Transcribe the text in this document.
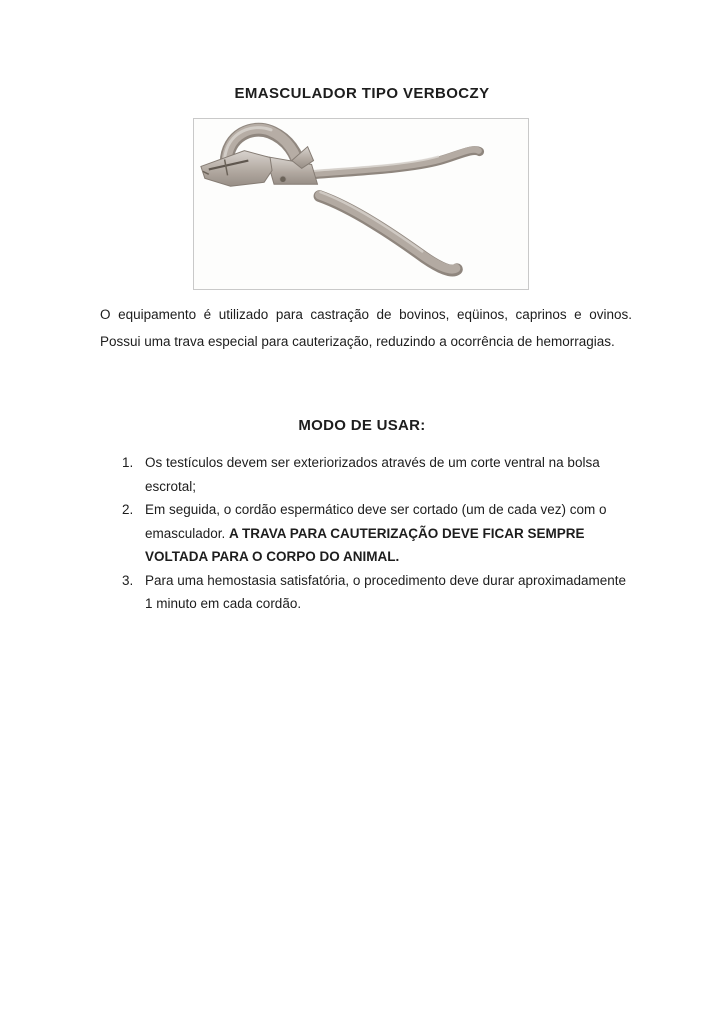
EMASCULADOR TIPO VERBOCZY

O equipamento é utilizado para castração de bovinos, eqüinos, caprinos e ovinos. Possui uma trava especial para cauterização, reduzindo a ocorrência de hemorragias.

MODO DE USAR:
1. Os testículos devem ser exteriorizados através de um corte ventral na bolsa escrotal;
2. Em seguida, o cordão espermático deve ser cortado (um de cada vez) com o emasculador. A TRAVA PARA CAUTERIZAÇÃO DEVE FICAR SEMPRE VOLTADA PARA O CORPO DO ANIMAL.
3. Para uma hemostasia satisfatória, o procedimento deve durar aproximadamente 1 minuto em cada cordão.
